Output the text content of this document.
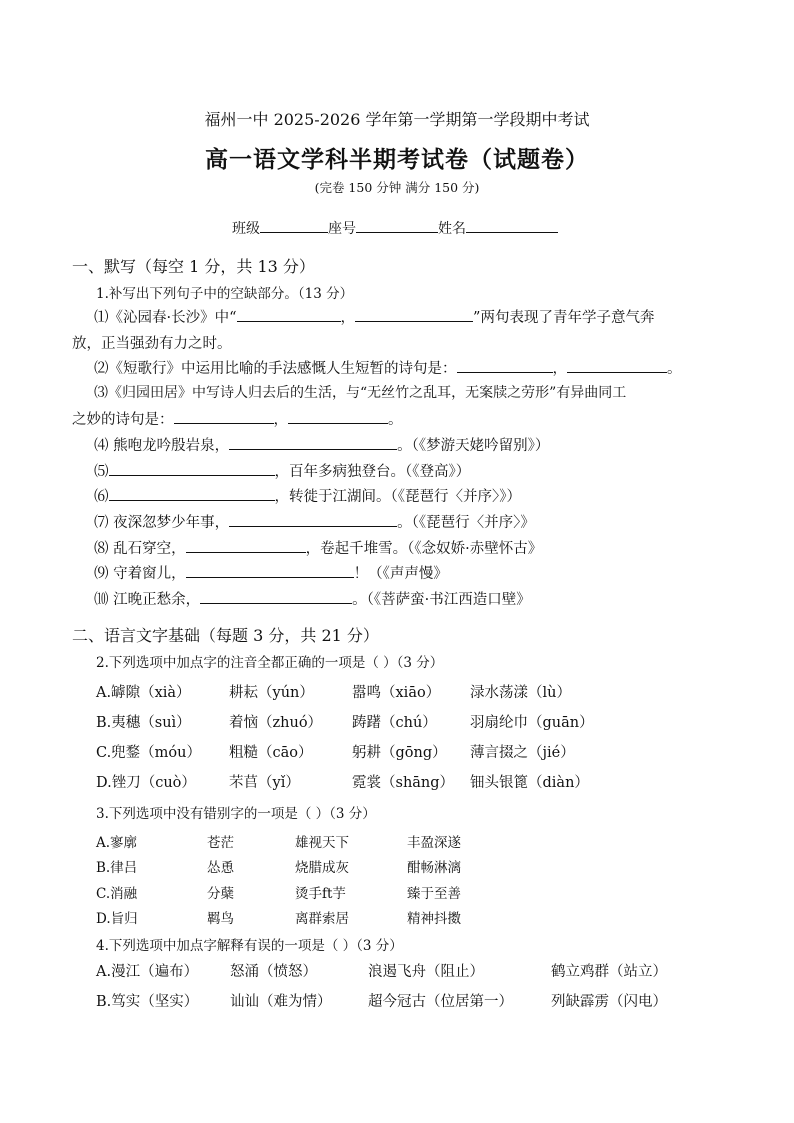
福州一中 2025-2026 学年第一学期第一学段期中考试
高一语文学科半期考试卷（试题卷）
(完卷 150 分钟 满分 150 分)
班级	座号	姓名
一、默写（每空 1 分，共 13 分）
1.补写出下列句子中的空缺部分。（13 分）
⑴《沁园春·长沙》中“	，	”两句表现了青年学子意气奔
放，正当强劲有力之时。
⑵《短歌行》中运用比喻的手法感慨人生短暂的诗句是：	，	。
⑶《归园田居》中写诗人归去后的生活，与“无丝竹之乱耳，无案牍之劳形”有异曲同工
之妙的诗句是：	，	。
⑷ 熊咆龙吟殷岩泉，	。（《梦游天姥吟留别》）
⑸	，百年多病独登台。（《登高》）
⑹	，转徙于江湖间。（《琵琶行〈并序〉》）
⑺ 夜深忽梦少年事，	。（《琵琶行〈并序〉》
⑻ 乱石穿空，	，卷起千堆雪。（《念奴娇·赤壁怀古》
⑼ 守着窗儿，	！（《声声慢》
⑽ 江晚正愁余，	。（《菩萨蛮·书江西造口壁》
二、语言文字基础（每题 3 分，共 21 分）
2.下列选项中加点字的注音全都正确的一项是（ ）（3 分）
A.罅隙（xià）	耕耘（yún）	嚣鸣（xiāo） 渌水荡漾（lù）
B.夷穗（suì）	着恼（zhuó） 踌躇（chú） 羽扇纶巾（guān）
C.兜鍪（móu） 粗糙（cāo）	躬耕（gōng） 薄言掇之（jié）
D.锉刀（cuò） 芣苢（yǐ）	霓裳（shāng） 钿头银篦（diàn）
3.下列选项中没有错别字的一项是（ ）（3 分）
A.寥廓	苍茫	雄视天下	丰盈深遂
B.律吕	怂恿	烧腊成灰	酣畅淋漓
C.消融	分蘖	烫手ft芋	臻于至善
D.旨归	羁鸟	离群索居	精神抖擞
4.下列选项中加点字解释有误的一项是（ ）（3 分）
A.漫江（遍布） 怒涌（愤怒）	浪遏飞舟（阻止）	鹤立鸡群（站立）
B.笃实（坚实） 讪讪（难为情）	超今冠古（位居第一）	列缺霹雳（闪电）
